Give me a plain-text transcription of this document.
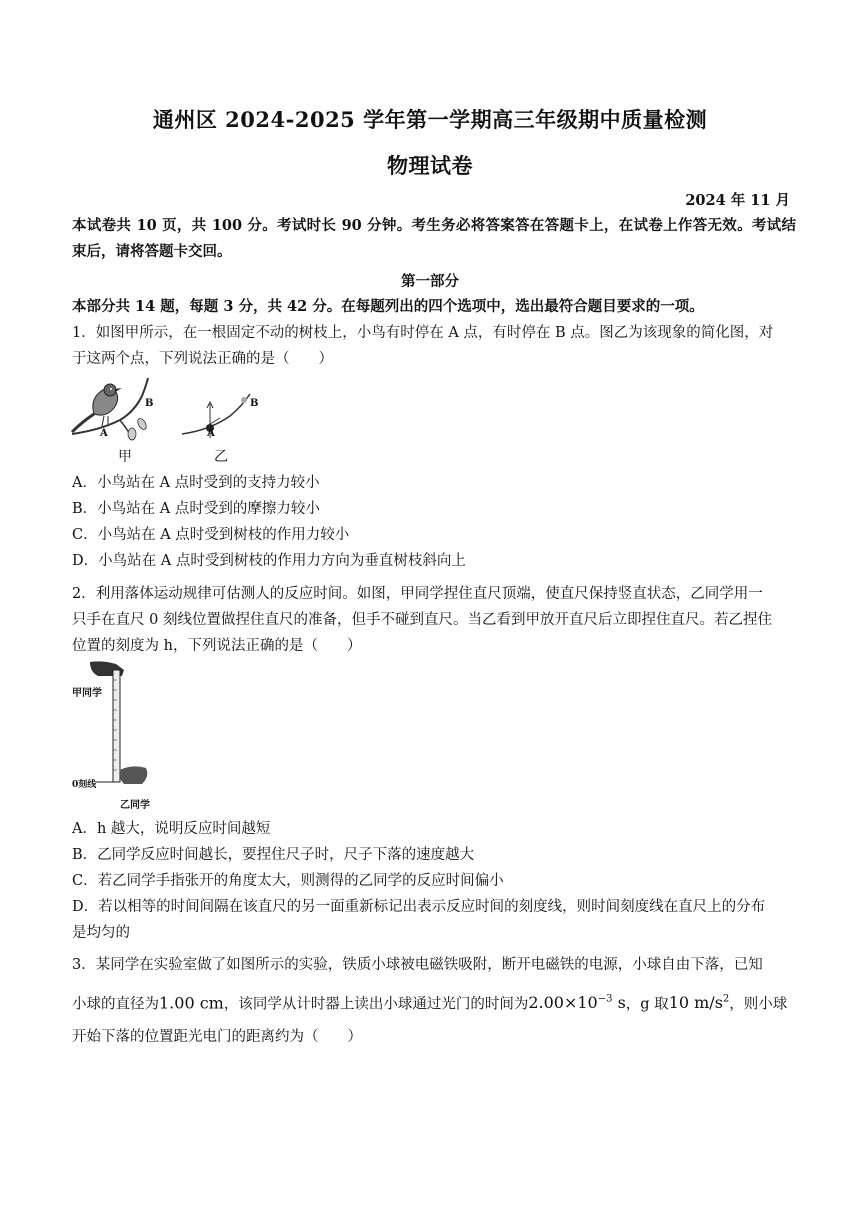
通州区 2024-2025 学年第一学期高三年级期中质量检测
物理试卷
2024 年 11 月
本试卷共 10 页，共 100 分。考试时长 90 分钟。考生务必将答案答在答题卡上，在试卷上作答无效。考试结束后，请将答题卡交回。
第一部分
本部分共 14 题，每题 3 分，共 42 分。在每题列出的四个选项中，选出最符合题目要求的一项。
1．如图甲所示，在一根固定不动的树枝上，小鸟有时停在 A 点，有时停在 B 点。图乙为该现象的简化图，对
于这两个点，下列说法正确的是（　　）
A
B
A
B
甲	乙
A．小鸟站在 A 点时受到的支持力较小
B．小鸟站在 A 点时受到的摩擦力较小
C．小鸟站在 A 点时受到树枝的作用力较小
D．小鸟站在 A 点时受到树枝的作用力方向为垂直树枝斜向上
2．利用落体运动规律可估测人的反应时间。如图，甲同学捏住直尺顶端，使直尺保持竖直状态，乙同学用一
只手在直尺 0 刻线位置做捏住直尺的准备，但手不碰到直尺。当乙看到甲放开直尺后立即捏住直尺。若乙捏住
位置的刻度为 h，下列说法正确的是（　　）
甲同学
0刻线
乙同学
A．h 越大，说明反应时间越短
B．乙同学反应时间越长，要捏住尺子时，尺子下落的速度越大
C．若乙同学手指张开的角度太大，则测得的乙同学的反应时间偏小
D．若以相等的时间间隔在该直尺的另一面重新标记出表示反应时间的刻度线，则时间刻度线在直尺上的分布
是均匀的
3．某同学在实验室做了如图所示的实验，铁质小球被电磁铁吸附，断开电磁铁的电源，小球自由下落，已知
小球的直径为1.00 cm，该同学从计时器上读出小球通过光门的时间为$2.00\times 10^{-3}$ s，g 取10 $m/s^2$，则小球
开始下落的位置距光电门的距离约为（　　）
